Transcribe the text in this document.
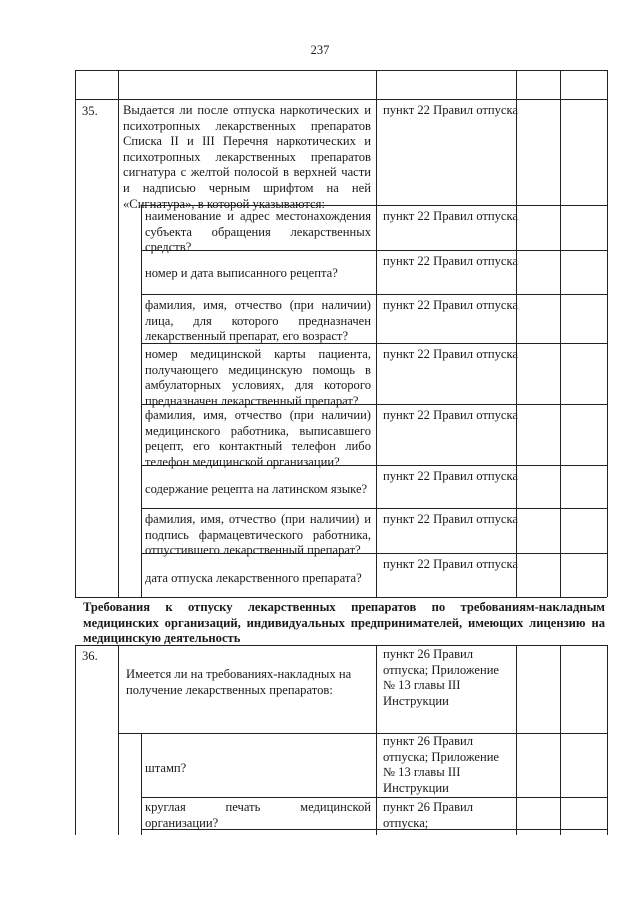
237
35. Выдается ли после отпуска наркотических и психотропных лекарственных препаратов Списка II и III Перечня наркотических и психотропных лекарственных препаратов сигнатура с желтой полосой в верхней части и надписью черным шрифтом на ней «Сигнатура», в которой указываются:
пункт 22 Правил отпуска
наименование и адрес местонахождения субъекта обращения лекарственных средств?
пункт 22 Правил отпуска
номер и дата выписанного рецепта?
пункт 22 Правил отпуска
фамилия, имя, отчество (при наличии) лица, для которого предназначен лекарственный препарат, его возраст?
пункт 22 Правил отпуска
номер медицинской карты пациента, получающего медицинскую помощь в амбулаторных условиях, для которого предназначен лекарственный препарат?
пункт 22 Правил отпуска
фамилия, имя, отчество (при наличии) медицинского работника, выписавшего рецепт, его контактный телефон либо телефон медицинской организации?
пункт 22 Правил отпуска
содержание рецепта на латинском языке?
пункт 22 Правил отпуска
фамилия, имя, отчество (при наличии) и подпись фармацевтического работника, отпустившего лекарственный препарат?
пункт 22 Правил отпуска
дата отпуска лекарственного препарата?
пункт 22 Правил отпуска
Требования к отпуску лекарственных препаратов по требованиям-накладным медицинских организаций, индивидуальных предпринимателей, имеющих лицензию на медицинскую деятельность
36.
Имеется ли на требованиях-накладных на получение лекарственных препаратов:
пункт 26 Правил отпуска; Приложение № 13 главы III Инструкции
штамп?
пункт 26 Правил отпуска; Приложение № 13 главы III Инструкции
круглая печать медицинской организации?
пункт 26 Правил отпуска;
